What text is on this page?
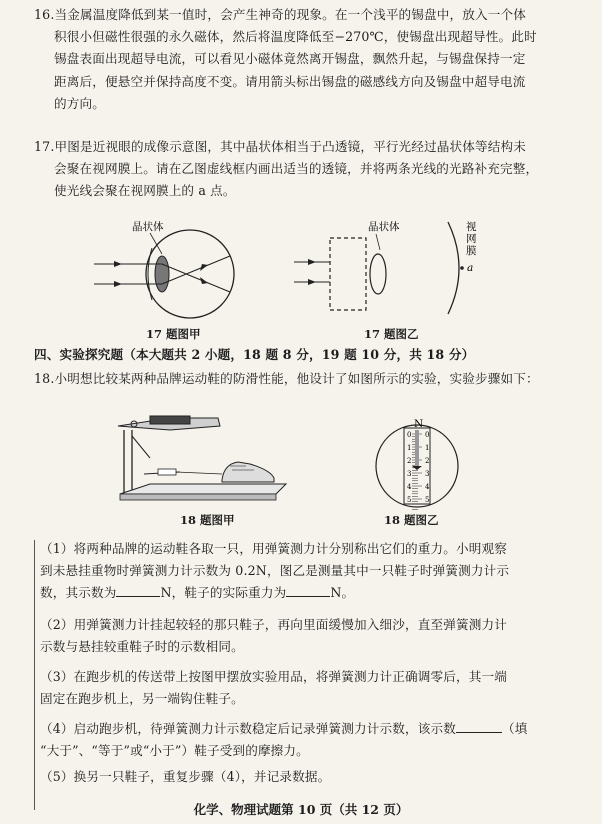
16.当金属温度降低到某一值时，会产生神奇的现象。在一个浅平的锡盘中，放入一个体
积很小但磁性很强的永久磁体，然后将温度降低至−270℃，使锡盘出现超导性。此时
锡盘表面出现超导电流，可以看见小磁体竟然离开锡盘，飘然升起，与锡盘保持一定
距离后，便悬空并保持高度不变。请用箭头标出锡盘的磁感线方向及锡盘中超导电流
的方向。
17.甲图是近视眼的成像示意图，其中晶状体相当于凸透镜，平行光经过晶状体等结构未
会聚在视网膜上。请在乙图虚线框内画出适当的透镜，并将两条光线的光路补充完整，
使光线会聚在视网膜上的 a 点。
晶状体	晶状体	视 网 膜
a
17 题图甲	17 题图乙
四、实验探究题（本大题共 2 小题，18 题 8 分，19 题 10 分，共 18 分）
18.小明想比较某两种品牌运动鞋的防滑性能，他设计了如图所示的实验，实验步骤如下：
N
0 0
1 1
2 2
3 3
4 4
5 5
18 题图甲	18 题图乙
（1）将两种品牌的运动鞋各取一只，用弹簧测力计分别称出它们的重力。小明观察
到未悬挂重物时弹簧测力计示数为 0.2N，图乙是测量其中一只鞋子时弹簧测力计示
数，其示数为	N，鞋子的实际重力为	N。
（2）用弹簧测力计挂起较轻的那只鞋子，再向里面缓慢加入细沙，直至弹簧测力计
示数与悬挂较重鞋子时的示数相同。
（3）在跑步机的传送带上按图甲摆放实验用品，将弹簧测力计正确调零后，其一端
固定在跑步机上，另一端钩住鞋子。
（4）启动跑步机，待弹簧测力计示数稳定后记录弹簧测力计示数，该示数	（填
“大于”、“等于”或“小于”）鞋子受到的摩擦力。
（5）换另一只鞋子，重复步骤（4），并记录数据。
化学、物理试题第 10 页（共 12 页）
